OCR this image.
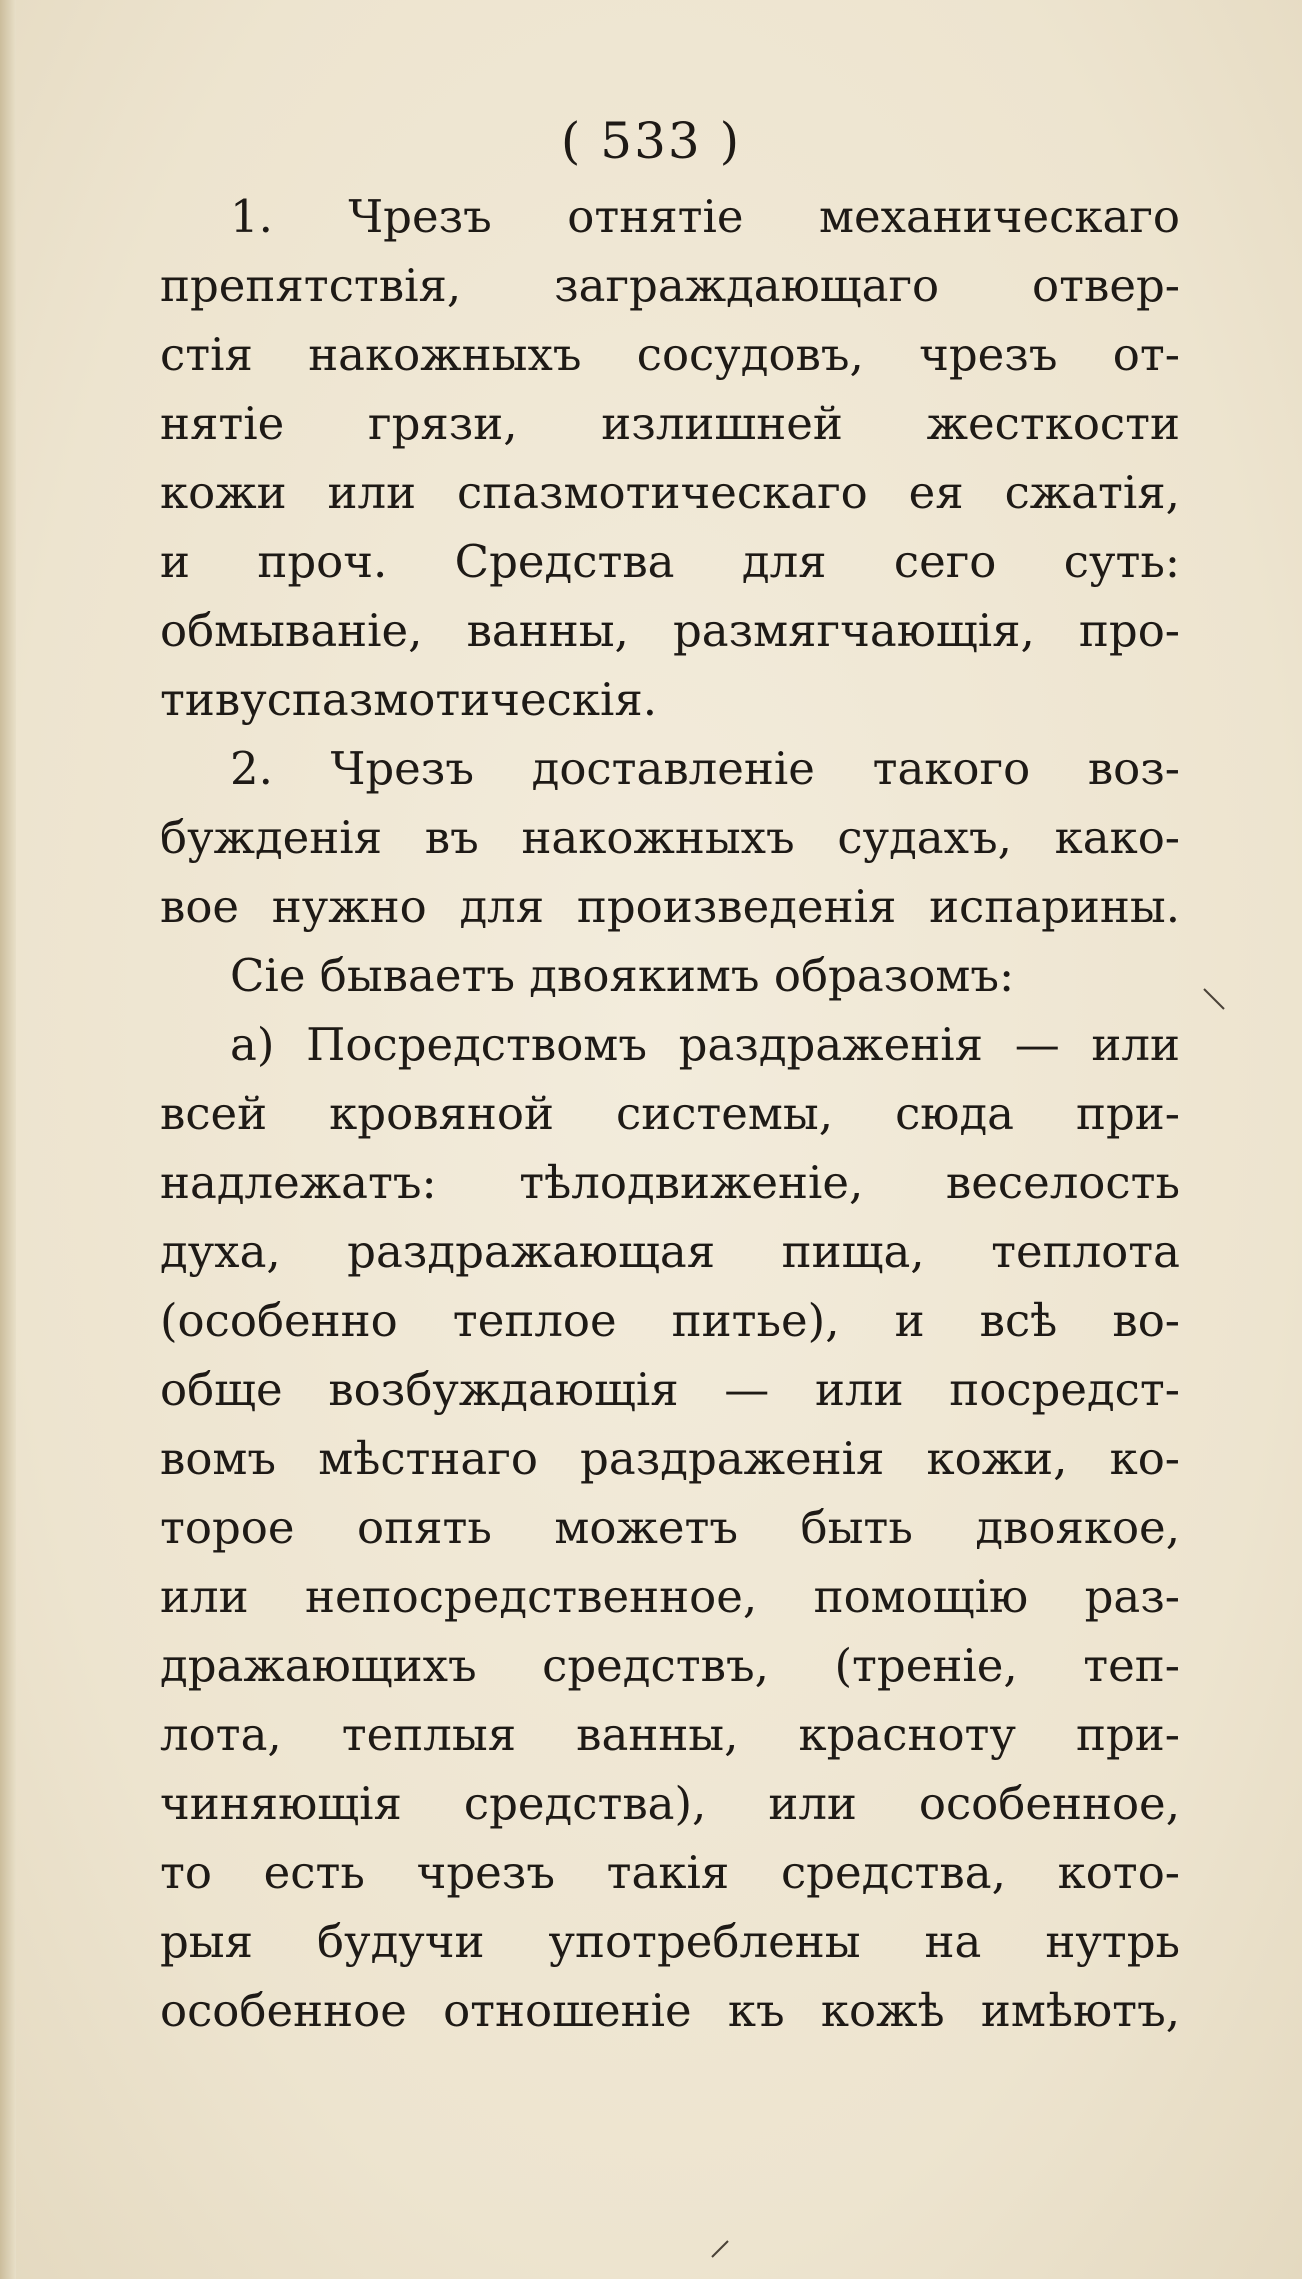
( 533 )
1. Чрезъ отнятіе механическаго
препятствія, заграждающаго отвер-
стія накожныхъ сосудовъ, чрезъ от-
нятіе грязи, излишней жесткости
кожи или спазмотическаго ея сжатія,
и проч. Средства для сего суть:
обмываніе, ванны, размягчающія, про-
тивуспазмотическія.
2. Чрезъ доставленіе такого воз-
бужденія въ накожныхъ судахъ, како-
вое нужно для произведенія испарины.
Сіе бываетъ двоякимъ образомъ:
а) Посредствомъ раздраженія — или
всей кровяной системы, сюда при-
надлежатъ: тѣлодвиженіе, веселость
духа, раздражающая пища, теплота
(особенно теплое питье), и всѣ во-
обще возбуждающія — или посредст-
вомъ мѣстнаго раздраженія кожи, ко-
торое опять можетъ быть двоякое,
или непосредственное, помощію раз-
дражающихъ средствъ, (треніе, теп-
лота, теплыя ванны, красноту при-
чиняющія средства), или особенное,
то есть чрезъ такія средства, кото-
рыя будучи употреблены на нутрь
особенное отношеніе къ кожѣ имѣютъ,
